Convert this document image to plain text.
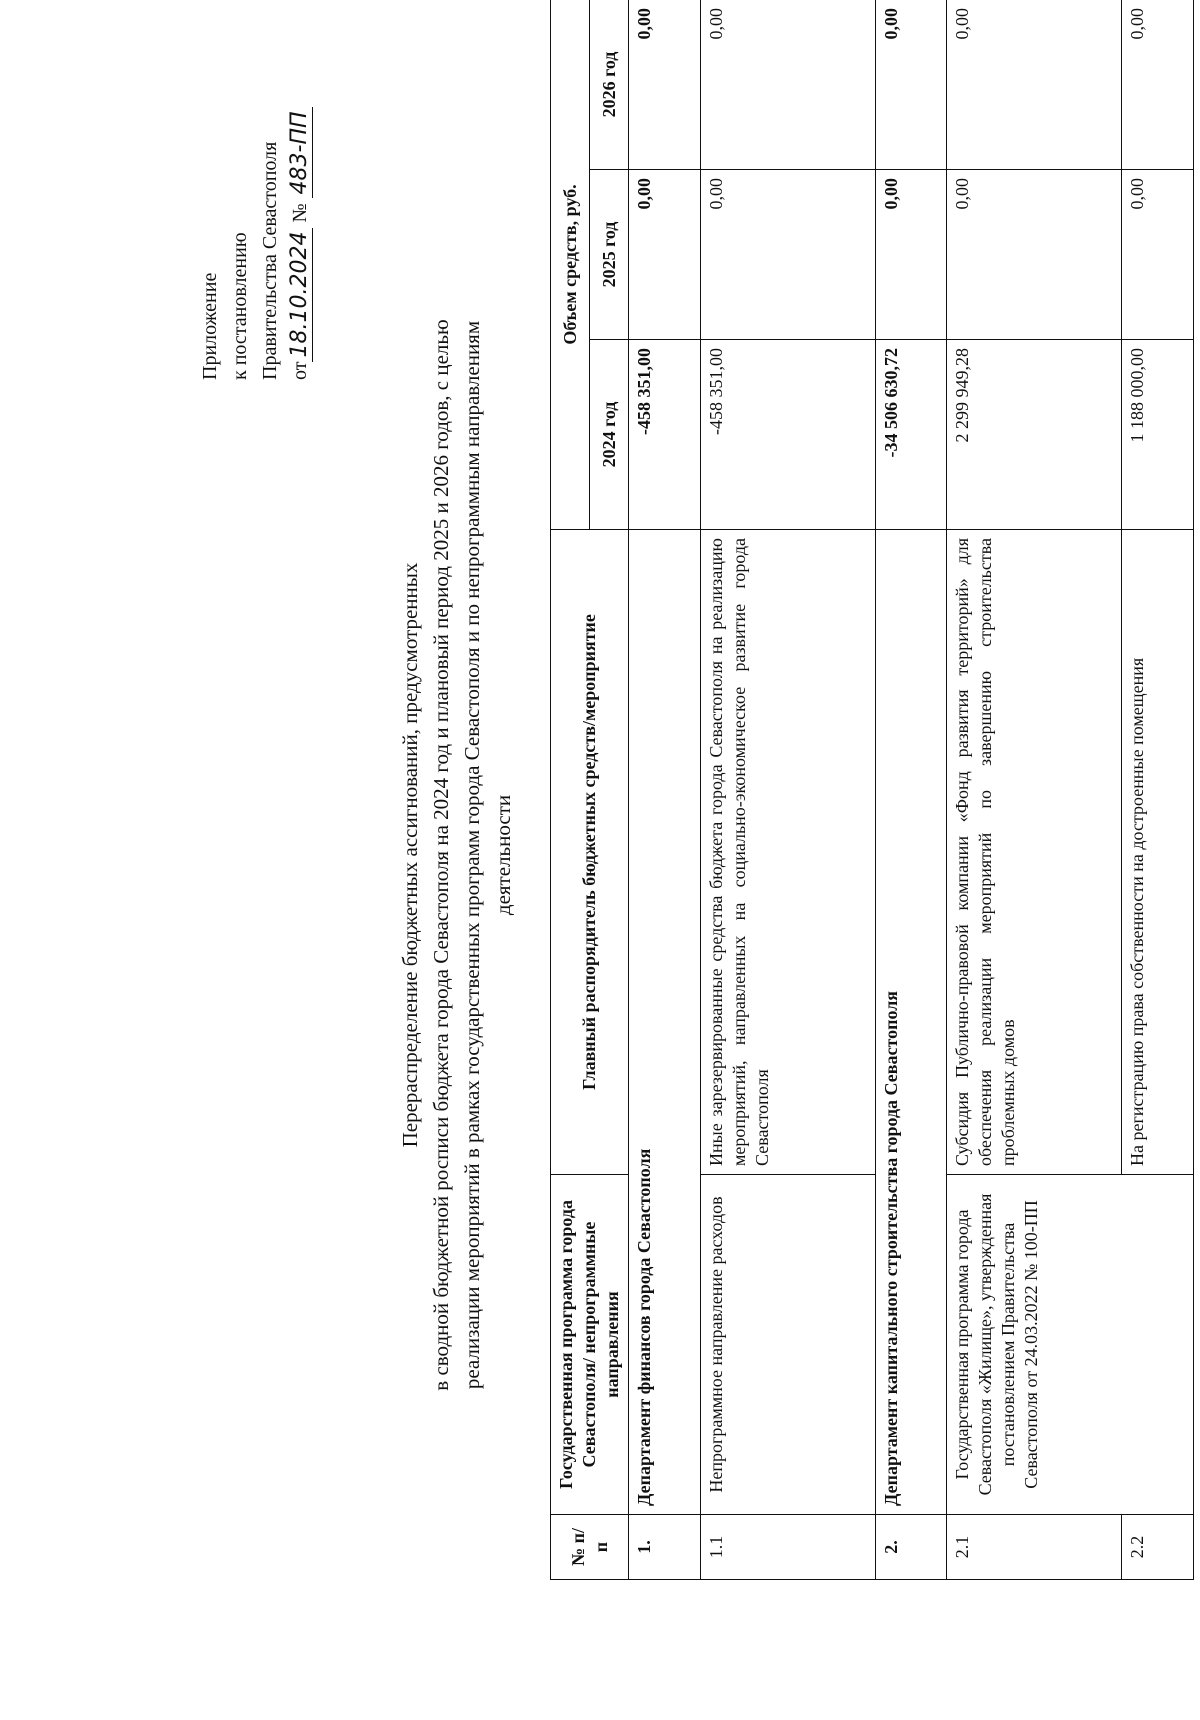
Приложение к постановлению Правительства Севастополя от18.10.2024 № 483-ПП
Перераспределение бюджетных ассигнований, предусмотренных в сводной бюджетной росписи бюджета города Севастополя на 2024 год и плановый период 2025 и 2026 годов, с целью реализации мероприятий в рамках государственных программ города Севастополя и по непрограммным направлениям деятельности
№ п/п	Государственная программа города Севастополя/ непрограммные направления	Главный распорядитель бюджетных средств/мероприятие	Объем средств, руб.		
			2024 год	2025 год	2026 год
1.	Департамент финансов города Севастополя		-458 351,00	0,00	0,00
1.1	Непрограммное направление расходов	Иные зарезервированные средства бюджета города Севастополя на реализацию мероприятий, направленных на социально-экономическое развитие города Севастополя	-458 351,00	0,00	0,00
2.	Департамент капитального строительства города Севастополя		-34 506 630,72	0,00	0,00
2.1	Государственная программа города Севастополя «Жилище», утвержденная постановлением Правительства Севастополя от 24.03.2022 № 100-ПП	Субсидия Публично-правовой компании «Фонд развития территорий» для обеспечения реализации мероприятий по завершению строительства проблемных домов	2 299 949,28	0,00	0,00
2.2		На регистрацию права собственности на достроенные помещения	1 188 000,00	0,00	0,00
